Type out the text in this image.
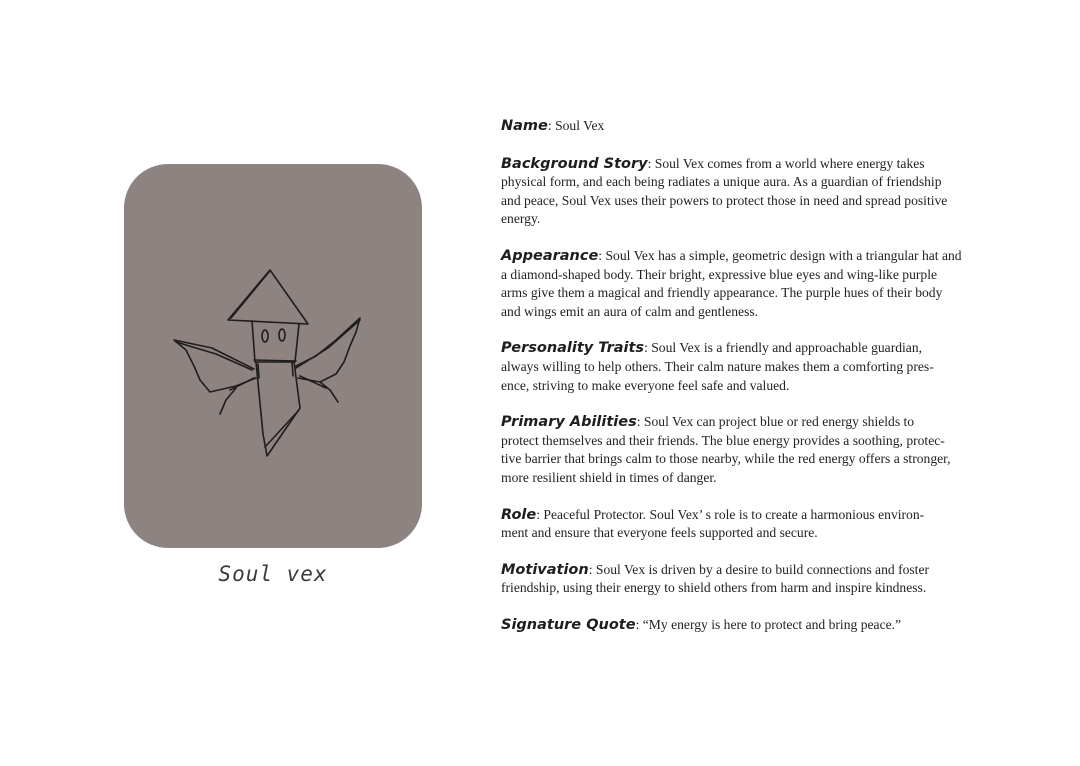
Soul vex

Name: Soul Vex

Background Story: Soul Vex comes from a world where energy takes
physical form, and each being radiates a unique aura. As a guardian of friendship
and peace, Soul Vex uses their powers to protect those in need and spread positive
energy.

Appearance: Soul Vex has a simple, geometric design with a triangular hat and
a diamond-shaped body. Their bright, expressive blue eyes and wing-like purple
arms give them a magical and friendly appearance. The purple hues of their body
and wings emit an aura of calm and gentleness.

Personality Traits: Soul Vex is a friendly and approachable guardian,
always willing to help others. Their calm nature makes them a comforting pres-
ence, striving to make everyone feel safe and valued.

Primary Abilities: Soul Vex can project blue or red energy shields to
protect themselves and their friends. The blue energy provides a soothing, protec-
tive barrier that brings calm to those nearby, while the red energy offers a stronger,
more resilient shield in times of danger.

Role: Peaceful Protector. Soul Vex’ s role is to create a harmonious environ-
ment and ensure that everyone feels supported and secure.

Motivation: Soul Vex is driven by a desire to build connections and foster
friendship, using their energy to shield others from harm and inspire kindness.

Signature Quote: “My energy is here to protect and bring peace.”
